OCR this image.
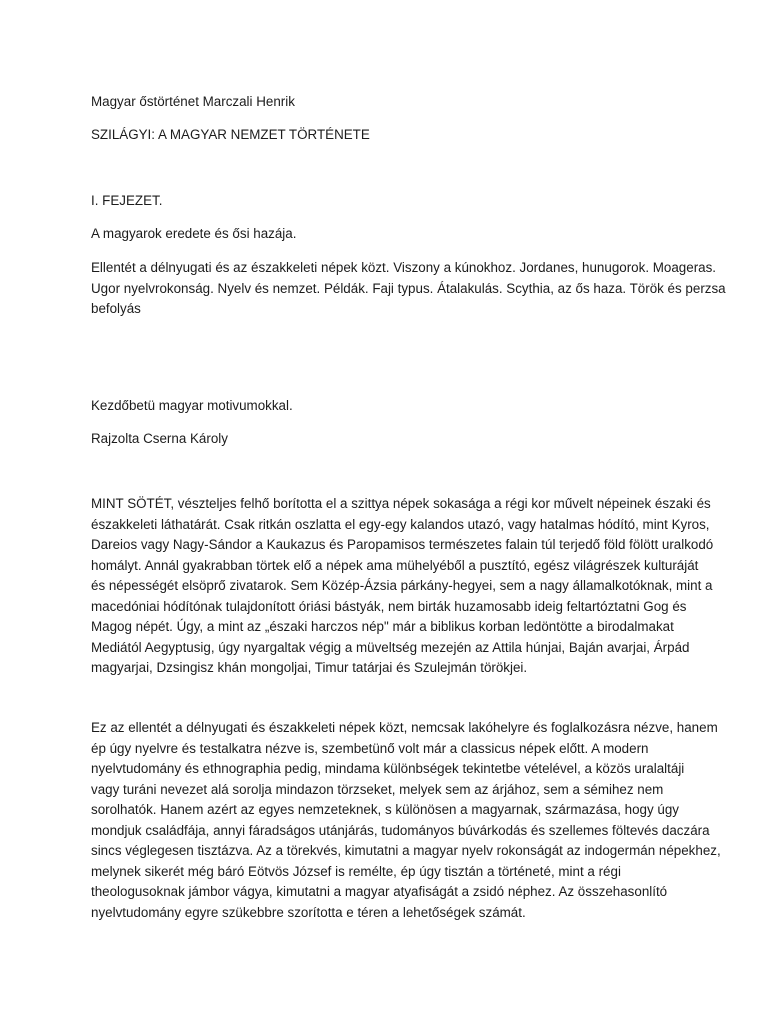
Magyar őstörténet Marczali Henrik

SZILÁGYI: A MAGYAR NEMZET TÖRTÉNETE

I. FEJEZET.

A magyarok eredete és ősi hazája.

Ellentét a délnyugati és az északkeleti népek közt. Viszony a kúnokhoz. Jordanes, hunugorok. Moageras.
Ugor nyelvrokonság. Nyelv és nemzet. Példák. Faji typus. Átalakulás. Scythia, az ős haza. Török és perzsa
befolyás

Kezdőbetü magyar motivumokkal.

Rajzolta Cserna Károly

MINT SÖTÉT, vészteljes felhő borította el a szittya népek sokasága a régi kor művelt népeinek északi és
északkeleti láthatárát. Csak ritkán oszlatta el egy-egy kalandos utazó, vagy hatalmas hódító, mint Kyros,
Dareios vagy Nagy-Sándor a Kaukazus és Paropamisos természetes falain túl terjedő föld fölött uralkodó
homályt. Annál gyakrabban törtek elő a népek ama mühelyéből a pusztító, egész világrészek kulturáját
és népességét elsöprő zivatarok. Sem Közép-Ázsia párkány-hegyei, sem a nagy államalkotóknak, mint a
macedóniai hódítónak tulajdonított óriási bástyák, nem birták huzamosabb ideig feltartóztatni Gog és
Magog népét. Úgy, a mint az „északi harczos nép" már a biblikus korban ledöntötte a birodalmakat
Mediától Aegyptusig, úgy nyargaltak végig a müveltség mezején az Attila húnjai, Baján avarjai, Árpád
magyarjai, Dzsingisz khán mongoljai, Timur tatárjai és Szulejmán törökjei.
Ez az ellentét a délnyugati és északkeleti népek közt, nemcsak lakóhelyre és foglalkozásra nézve, hanem
ép úgy nyelvre és testalkatra nézve is, szembetünő volt már a classicus népek előtt. A modern
nyelvtudomány és ethnographia pedig, mindama különbségek tekintetbe vételével, a közös uralaltáji
vagy turáni nevezet alá sorolja mindazon törzseket, melyek sem az árjához, sem a sémihez nem
sorolhatók. Hanem azért az egyes nemzeteknek, s különösen a magyarnak, származása, hogy úgy
mondjuk családfája, annyi fáradságos utánjárás, tudományos búvárkodás és szellemes föltevés daczára
sincs véglegesen tisztázva. Az a törekvés, kimutatni a magyar nyelv rokonságát az indogermán népekhez,
melynek sikerét még báró Eötvös József is remélte, ép úgy tisztán a történeté, mint a régi
theologusoknak jámbor vágya, kimutatni a magyar atyafiságát a zsidó néphez. Az összehasonlító
nyelvtudomány egyre szükebbre szorította e téren a lehetőségek számát.
